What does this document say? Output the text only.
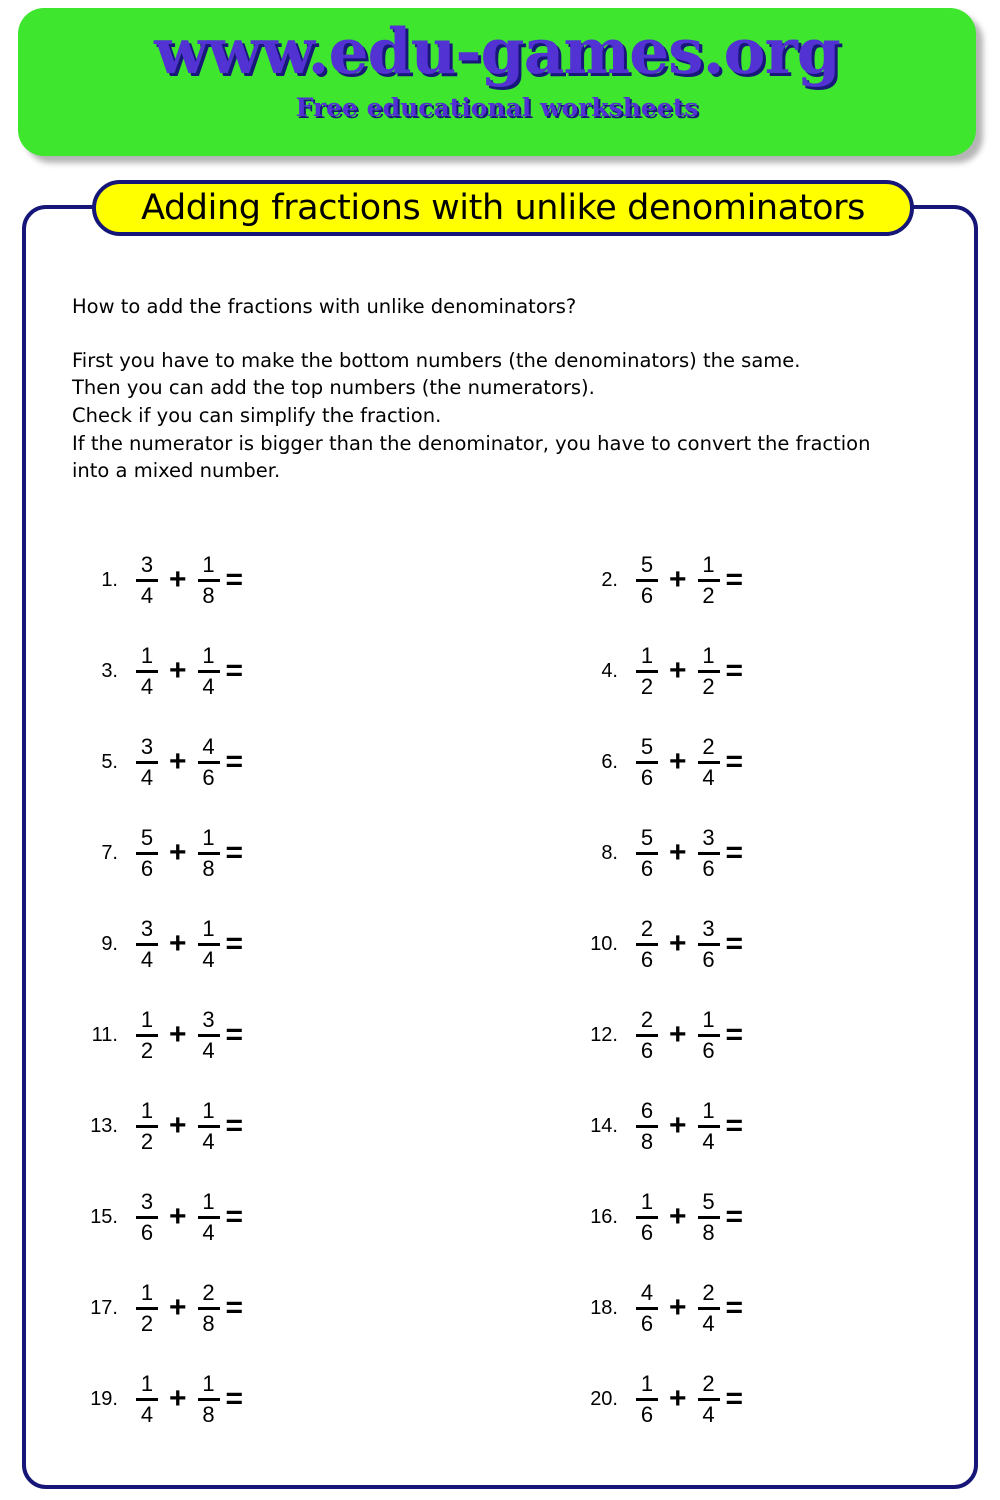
www.edu-games.org
Free educational worksheets
Adding fractions with unlike denominators

How to add the fractions with unlike denominators?

First you have to make the bottom numbers (the denominators) the same.

Then you can add the top numbers (the numerators).

Check if you can simplify the fraction.

If the numerator is bigger than the denominator, you have to convert the fraction

into a mixed number.

1. $\frac{3}{4} + \frac{1}{8}$ =	2. $\frac{5}{6} + \frac{1}{2}$ =
3. $\frac{1}{4} + \frac{1}{4}$ =	4. $\frac{1}{2} + \frac{1}{2}$ =
5. $\frac{3}{4} + \frac{4}{6}$ =	6. $\frac{5}{6} + \frac{2}{4}$ =
7. $\frac{5}{6} + \frac{1}{8}$ =	8. $\frac{5}{6} + \frac{3}{6}$ =
9. $\frac{3}{4} + \frac{1}{4}$ =	10. $\frac{2}{6} + \frac{3}{6}$ =
11. $\frac{1}{2} + \frac{3}{4}$ =	12. $\frac{2}{6} + \frac{1}{6}$ =
13. $\frac{1}{2} + \frac{1}{4}$ =	14. $\frac{6}{8} + \frac{1}{4}$ =
15. $\frac{3}{6} + \frac{1}{4}$ =	16. $\frac{1}{6} + \frac{5}{8}$ =
17. $\frac{1}{2} + \frac{2}{8}$ =	18. $\frac{4}{6} + \frac{2}{4}$ =
19. $\frac{1}{4} + \frac{1}{8}$ =	20. $\frac{1}{6} + \frac{2}{4}$ =
